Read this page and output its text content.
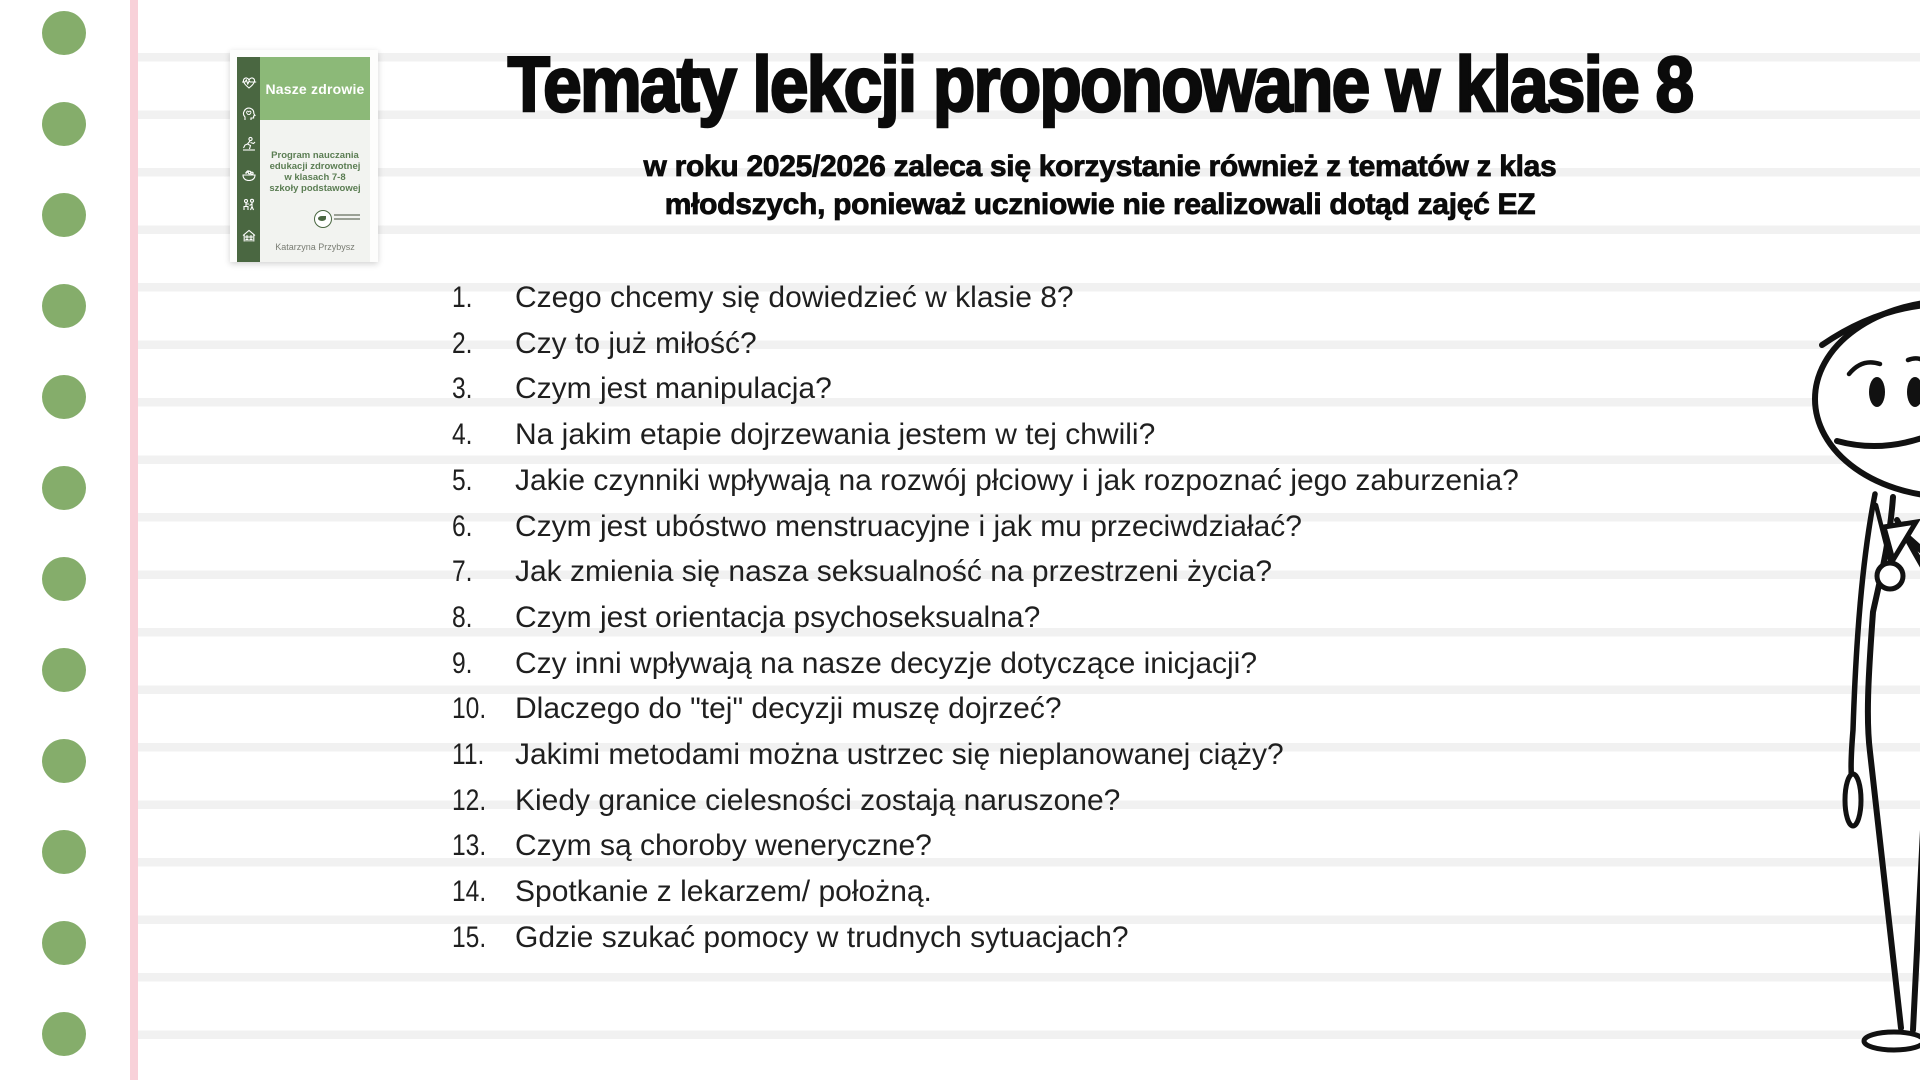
Nasze zdrowie
Program nauczania
edukacji zdrowotnej
w klasach 7-8
szkoły podstawowej
Katarzyna Przybysz
Tematy lekcji proponowane w klasie 8

w roku 2025/2026 zaleca się korzystanie również z tematów z klas
młodszych, ponieważ uczniowie nie realizowali dotąd zajęć EZ

1.	Czego chcemy się dowiedzieć w klasie 8?
2.	Czy to już miłość?
3.	Czym jest manipulacja?
4.	Na jakim etapie dojrzewania jestem w tej chwili?
5.	Jakie czynniki wpływają na rozwój płciowy i jak rozpoznać jego zaburzenia?
6.	Czym jest ubóstwo menstruacyjne i jak mu przeciwdziałać?
7.	Jak zmienia się nasza seksualność na przestrzeni życia?
8.	Czym jest orientacja psychoseksualna?
9.	Czy inni wpływają na nasze decyzje dotyczące inicjacji?
10. Dlaczego do "tej" decyzji muszę dojrzeć?
11.	Jakimi metodami można ustrzec się nieplanowanej ciąży?
12. Kiedy granice cielesności zostają naruszone?
13. Czym są choroby weneryczne?
14. Spotkanie z lekarzem/ położną.
15. Gdzie szukać pomocy w trudnych sytuacjach?
